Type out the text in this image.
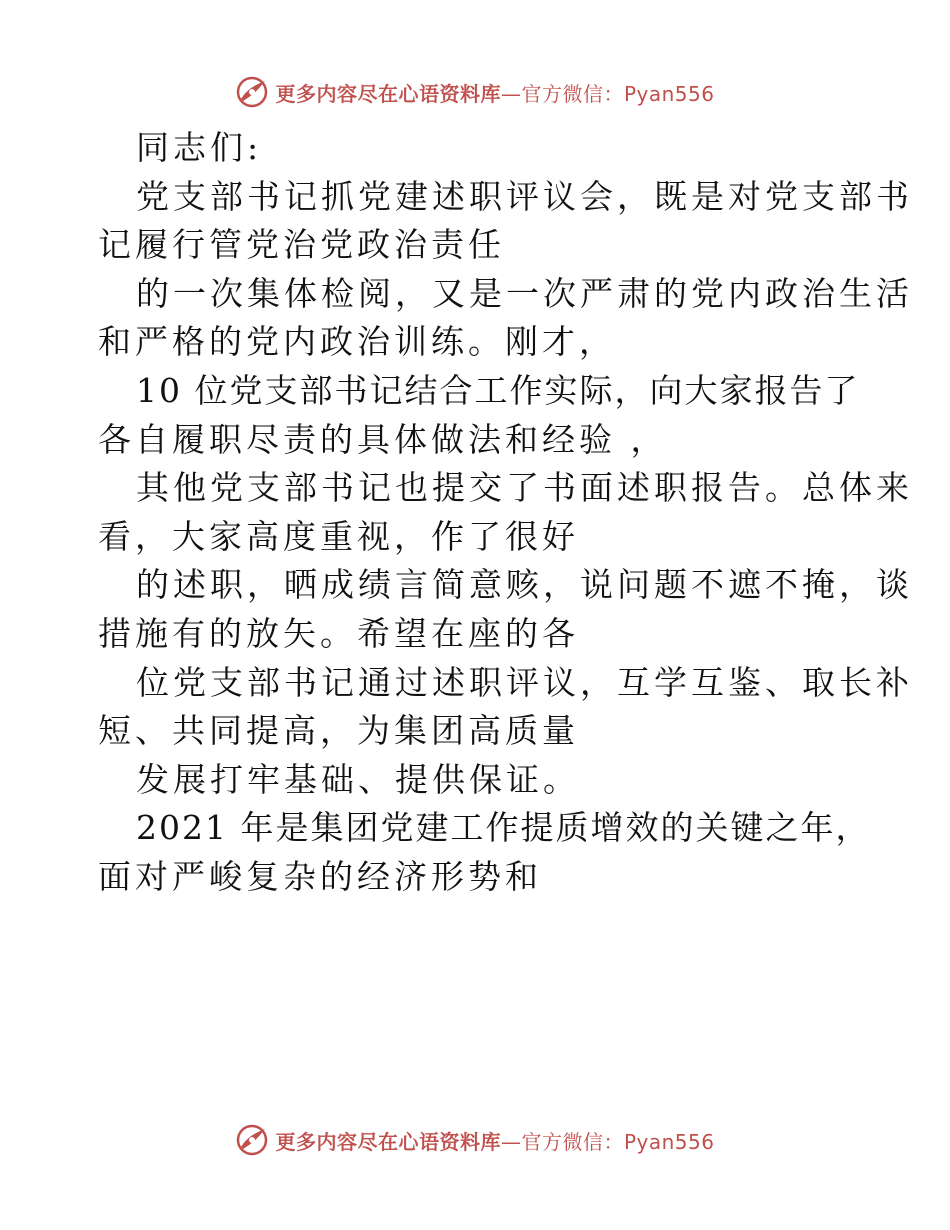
更多内容尽在心语资料库—官方微信：Pyan556
同志们:
党支部书记抓党建述职评议会，既是对党支部书
记履行管党治党政治责任
的一次集体检阅，又是一次严肃的党内政治生活
和严格的党内政治训练。刚才，
10 位党支部书记结合工作实际，向大家报告了
各自履职尽责的具体做法和经验 ，
其他党支部书记也提交了书面述职报告。总体来
看，大家高度重视，作了很好
的述职，晒成绩言简意赅，说问题不遮不掩，谈
措施有的放矢。希望在座的各
位党支部书记通过述职评议，互学互鉴、取长补
短、共同提高，为集团高质量
发展打牢基础、提供保证。
2021 年是集团党建工作提质增效的关键之年，
面对严峻复杂的经济形势和
更多内容尽在心语资料库—官方微信：Pyan556
